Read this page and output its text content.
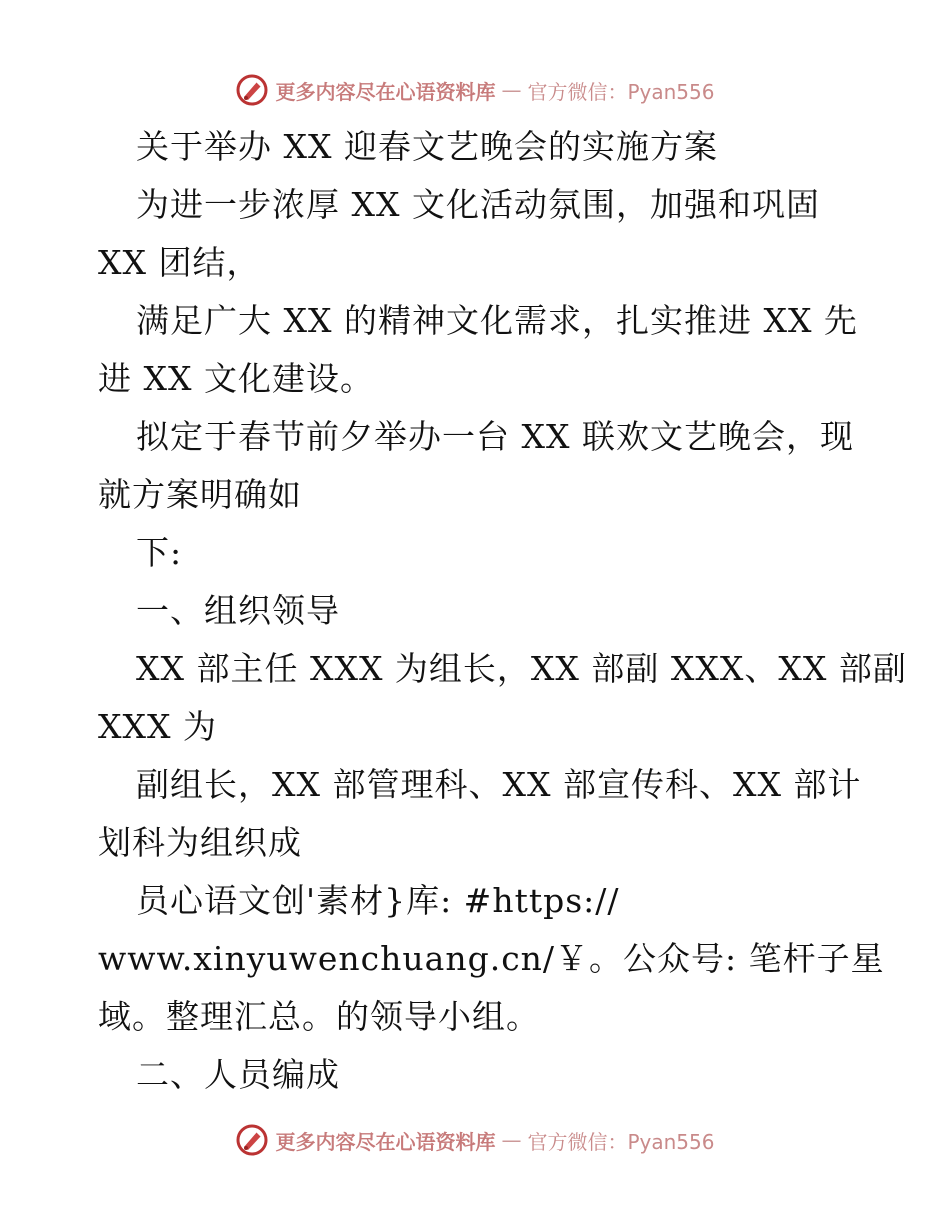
更多内容尽在心语资料库 — 官方微信：Pyan556
关于举办 XX 迎春文艺晚会的实施方案
为进一步浓厚 XX 文化活动氛围，加强和巩固
XX 团结，
满足广大 XX 的精神文化需求，扎实推进 XX 先
进 XX 文化建设。
拟定于春节前夕举办一台 XX 联欢文艺晚会，现
就方案明确如
下:
一、组织领导
XX 部主任 XXX 为组长，XX 部副 XXX、XX 部副
XXX 为
副组长，XX 部管理科、XX 部宣传科、XX 部计
划科为组织成
员心语文创'素材}库: #https://
www.xinyuwenchuang.cn/￥。公众号: 笔杆子星
域。整理汇总。的领导小组。
二、人员编成
更多内容尽在心语资料库 — 官方微信：Pyan556
